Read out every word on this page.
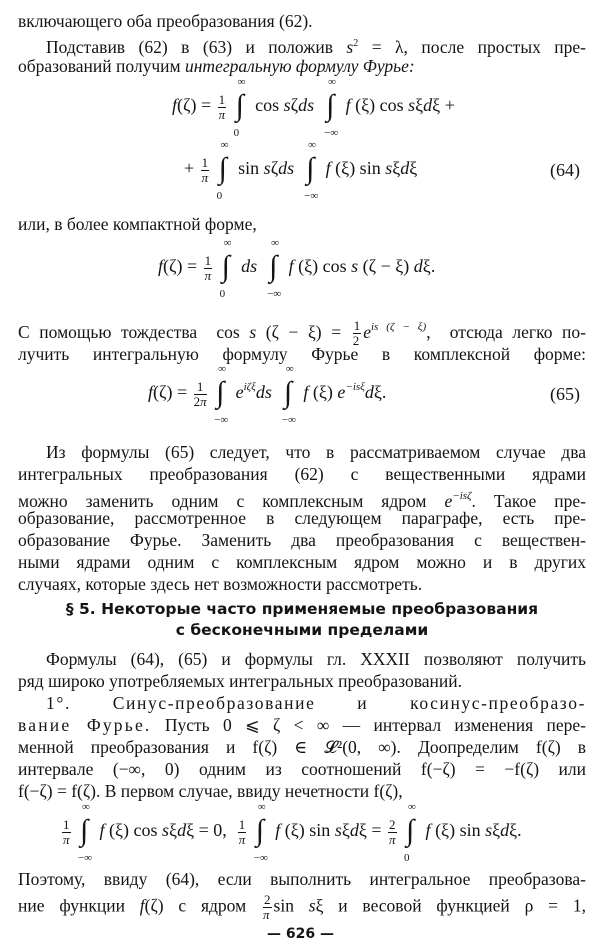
включающего оба преобразования (62).
Подставив (62) в (63) и положив $s^2 = \lambda$, после простых пре-
образований получим интегральную формулу Фурье:
$f(\zeta) = \frac{1}{\pi}$

∞
∫
0
cos sζds
∞
∫
−∞
f (ξ) cos sξdξ +
+ $\frac{1}{\pi}$

∞
∫
0
sin sζds
∞
∫
−∞
f (ξ) sin sξdξ	(64)
или, в более компактной форме,
$f(\zeta) = \frac{1}{\pi}$

∞
∫
0
ds
∞
∫
−∞
f (ξ) cos s (ζ − ξ) dξ.
С помощью тождества  cos s $(\zeta - \xi) = \frac{1}{2} e^{is (\zeta - \xi)}$,  отсюда легко по-
лучить интегральную формулу Фурье в комплексной форме:
$f(\zeta) = \frac{1}{2\pi}$

∞
∫
−∞
$e^{i\zeta\xi}ds$
∞
∫
−∞
f (ξ) $e^{-is\xi}d\xi$.	(65)
Из формулы (65) следует, что в рассматриваемом случае два
интегральных преобразования (62) с вещественными ядрами
можно заменить одним с комплексным ядром $e^{-is\zeta}$. Такое пре-
образование, рассмотренное в следующем параграфе, есть пре-
образование Фурье. Заменить два преобразования с веществен-
ными ядрами одним с комплексным ядром можно и в других
случаях, которые здесь нет возможности рассмотреть.
§ 5. Некоторые часто применяемые преобразования
с бесконечными пределами
Формулы (64), (65) и формулы гл. XXXII позволяют получить
ряд широко употребляемых интегральных преобразований.
1°. Синус-преобразование и косинус-преобразо-
вание Фурье. Пусть 0 ⩽ ζ < ∞ — интервал изменения пере-
менной преобразования и f(ζ) ∈ 𝓛²(0, ∞). Доопределим f(ζ) в
интервале (−∞, 0) одним из соотношений f(−ζ) = −f(ζ) или
f(−ζ) = f(ζ). В первом случае, ввиду нечетности f(ζ),
$\frac{1}{\pi}$

∞
∫
−∞
f (ξ) cos sξdξ = 0, $\frac{1}{\pi}$

∞
∫
−∞
f (ξ) $\sin s\xi d\xi = \frac{2}{\pi}$

∞
∫
0
f (ξ) sin sξdξ.
Поэтому, ввиду (64), если выполнить интегральное преобразова-
ние функции f(ζ) с ядром $\frac{2}{\pi}$ sin sξ и весовой функцией ρ = 1,
— 626 —
